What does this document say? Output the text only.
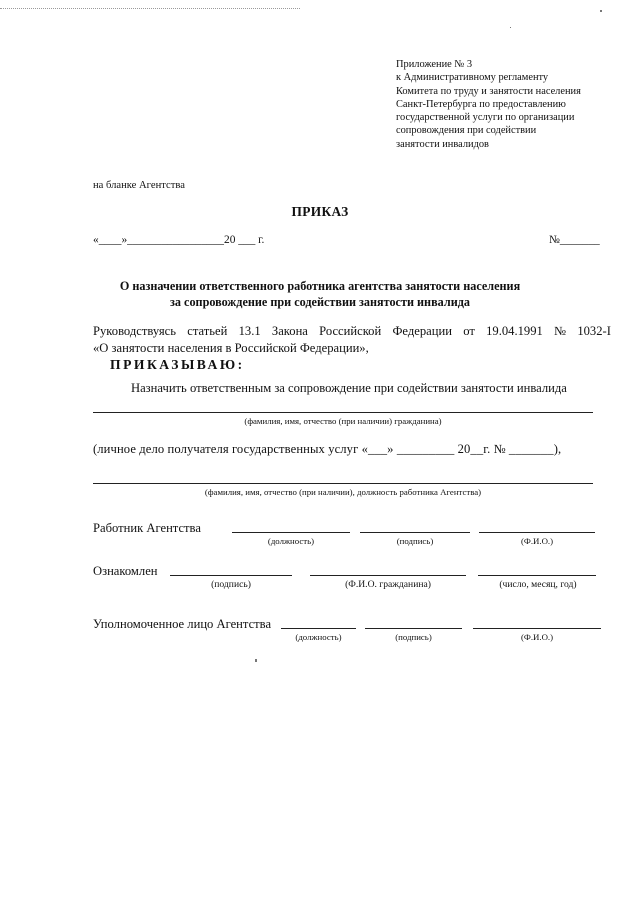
Приложение № 3
к Административному регламенту
Комитета по труду и занятости населения
Санкт-Петербурга по предоставлению
государственной услуги по организации
сопровождения при содействии
занятости инвалидов
на бланке Агентства
ПРИКАЗ
«____»_________________20 ___ г.	№_______
О назначении ответственного работника агентства занятости населения
за сопровождение при содействии занятости инвалида
Руководствуясь статьей 13.1 Закона Российской Федерации от 19.04.1991 № 1032-I
«О занятости населения в Российской Федерации»,
ПРИКАЗЫВАЮ:
Назначить ответственным за сопровождение при содействии занятости инвалида
(фамилия, имя, отчество (при наличии) гражданина)
(личное дело получателя государственных услуг «___» _________ 20__г. № _______),
(фамилия, имя, отчество (при наличии), должность работника Агентства)
Работник Агентства
(должность)	(подпись)	(Ф.И.О.)
Ознакомлен
(подпись)	(Ф.И.О. гражданина)	(число, месяц, год)
Уполномоченное лицо Агентства
(должность)	(подпись)	(Ф.И.О.)
